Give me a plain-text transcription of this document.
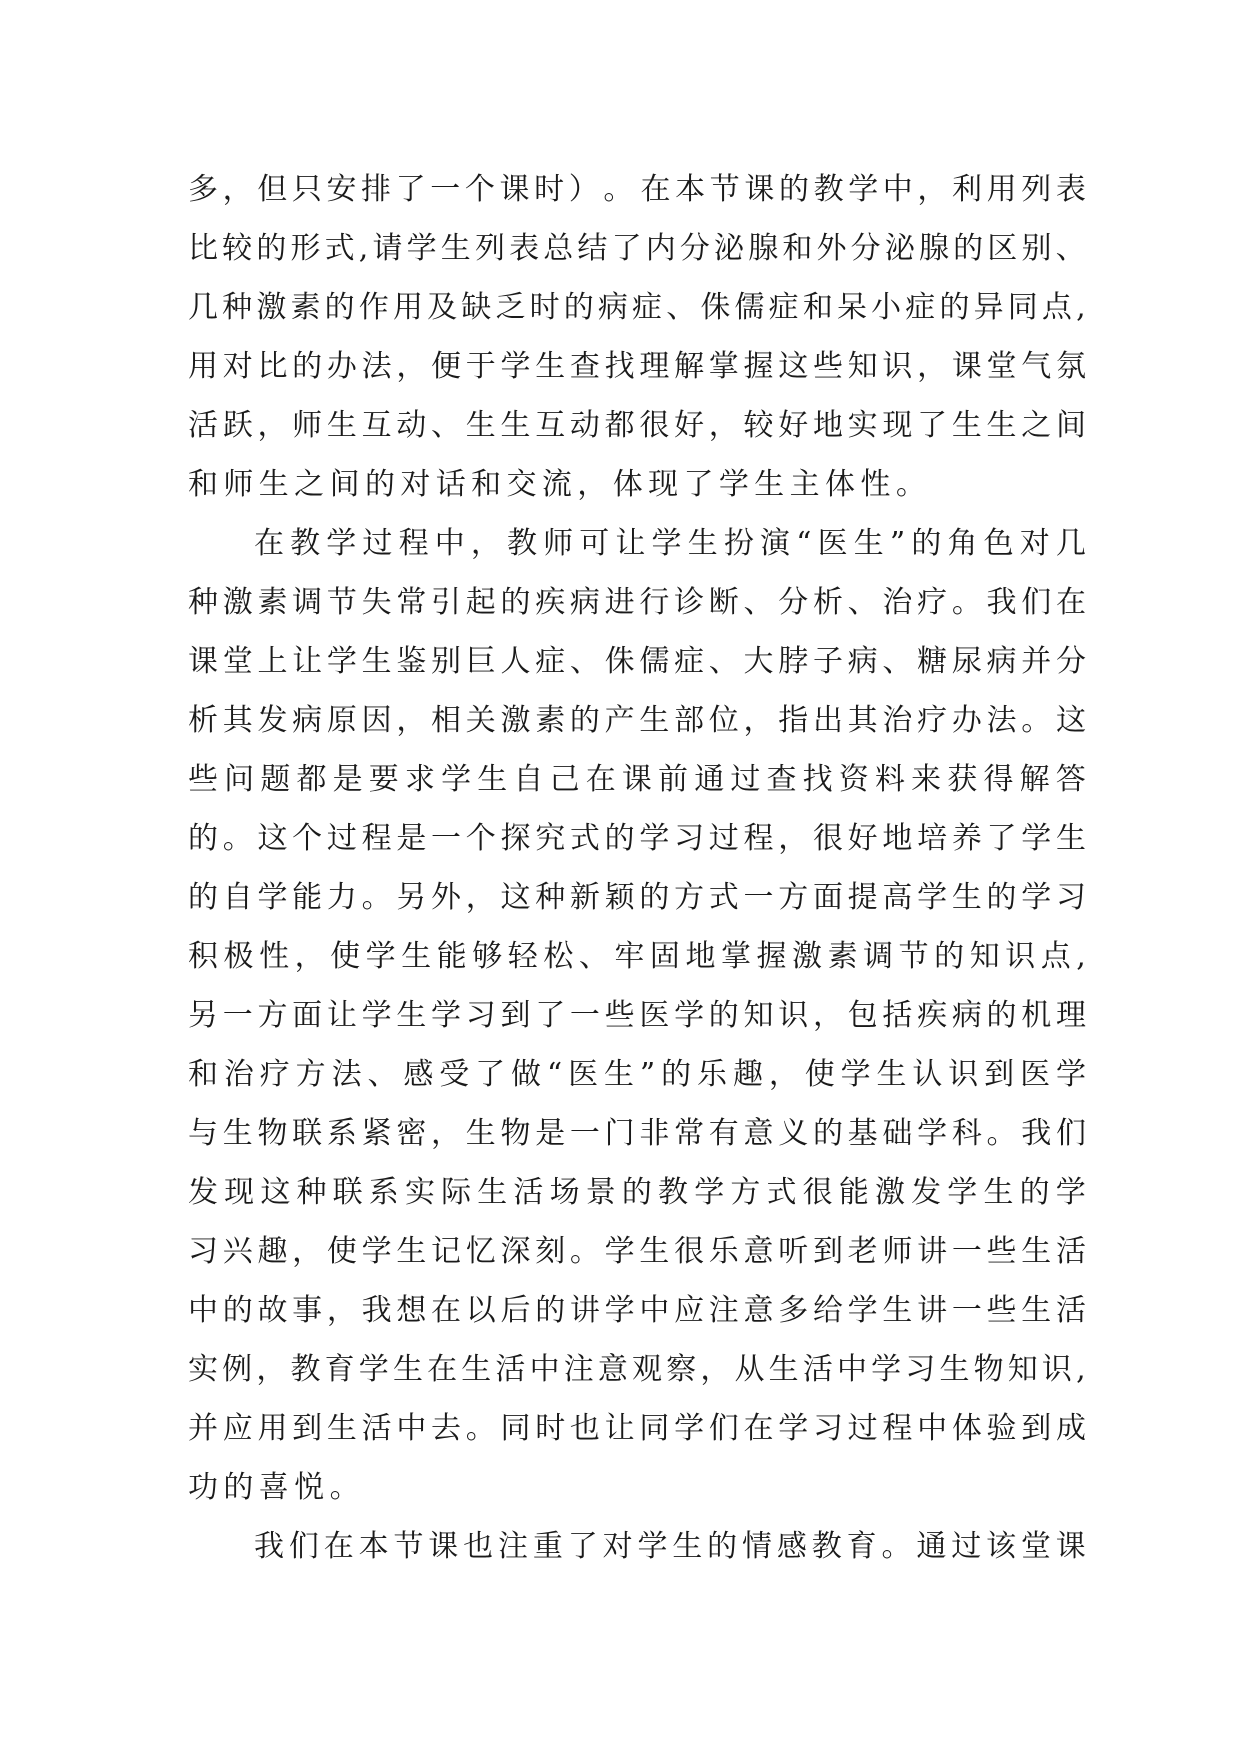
多 ， 但 只 安 排 了 一 个 课 时 ） 。 在 本 节 课 的 教 学 中 ， 利 用 列 表
比 较 的 形 式 , 请 学 生 列 表 总 结 了 内 分 泌 腺 和 外 分 泌 腺 的 区 别 、
几 种 激 素 的 作 用 及 缺 乏 时 的 病 症 、 侏 儒 症 和 呆 小 症 的 异 同 点 ,
用 对 比 的 办 法 ， 便 于 学 生 查 找 理 解 掌 握 这 些 知 识 ， 课 堂 气 氛
活 跃 ， 师 生 互 动 、 生 生 互 动 都 很 好 ， 较 好 地 实 现 了 生 生 之 间
和 师 生 之 间 的 对 话 和 交 流 ， 体 现 了 学 生 主 体 性 。
在 教 学 过 程 中 ， 教 师 可 让 学 生 扮 演 “ 医 生 ” 的 角 色 对 几
种 激 素 调 节 失 常 引 起 的 疾 病 进 行 诊 断 、 分 析 、 治 疗 。 我 们 在
课 堂 上 让 学 生 鉴 别 巨 人 症 、 侏 儒 症 、 大 脖 子 病 、 糖 尿 病 并 分
析 其 发 病 原 因 ， 相 关 激 素 的 产 生 部 位 ， 指 出 其 治 疗 办 法 。 这
些 问 题 都 是 要 求 学 生 自 己 在 课 前 通 过 查 找 资 料 来 获 得 解 答
的 。 这 个 过 程 是 一 个 探 究 式 的 学 习 过 程 ， 很 好 地 培 养 了 学 生
的 自 学 能 力 。 另 外 ， 这 种 新 颖 的 方 式 一 方 面 提 高 学 生 的 学 习
积 极 性 ， 使 学 生 能 够 轻 松 、 牢 固 地 掌 握 激 素 调 节 的 知 识 点 ,
另 一 方 面 让 学 生 学 习 到 了 一 些 医 学 的 知 识 ， 包 括 疾 病 的 机 理
和 治 疗 方 法 、 感 受 了 做 “ 医 生 ” 的 乐 趣 ， 使 学 生 认 识 到 医 学
与 生 物 联 系 紧 密 ， 生 物 是 一 门 非 常 有 意 义 的 基 础 学 科 。 我 们
发 现 这 种 联 系 实 际 生 活 场 景 的 教 学 方 式 很 能 激 发 学 生 的 学
习 兴 趣 ， 使 学 生 记 忆 深 刻 。 学 生 很 乐 意 听 到 老 师 讲 一 些 生 活
中 的 故 事 ， 我 想 在 以 后 的 讲 学 中 应 注 意 多 给 学 生 讲 一 些 生 活
实 例 ， 教 育 学 生 在 生 活 中 注 意 观 察 ， 从 生 活 中 学 习 生 物 知 识 ,
并 应 用 到 生 活 中 去 。 同 时 也 让 同 学 们 在 学 习 过 程 中 体 验 到 成
功 的 喜 悦 。
我 们 在 本 节 课 也 注 重 了 对 学 生 的 情 感 教 育 。 通 过 该 堂 课
